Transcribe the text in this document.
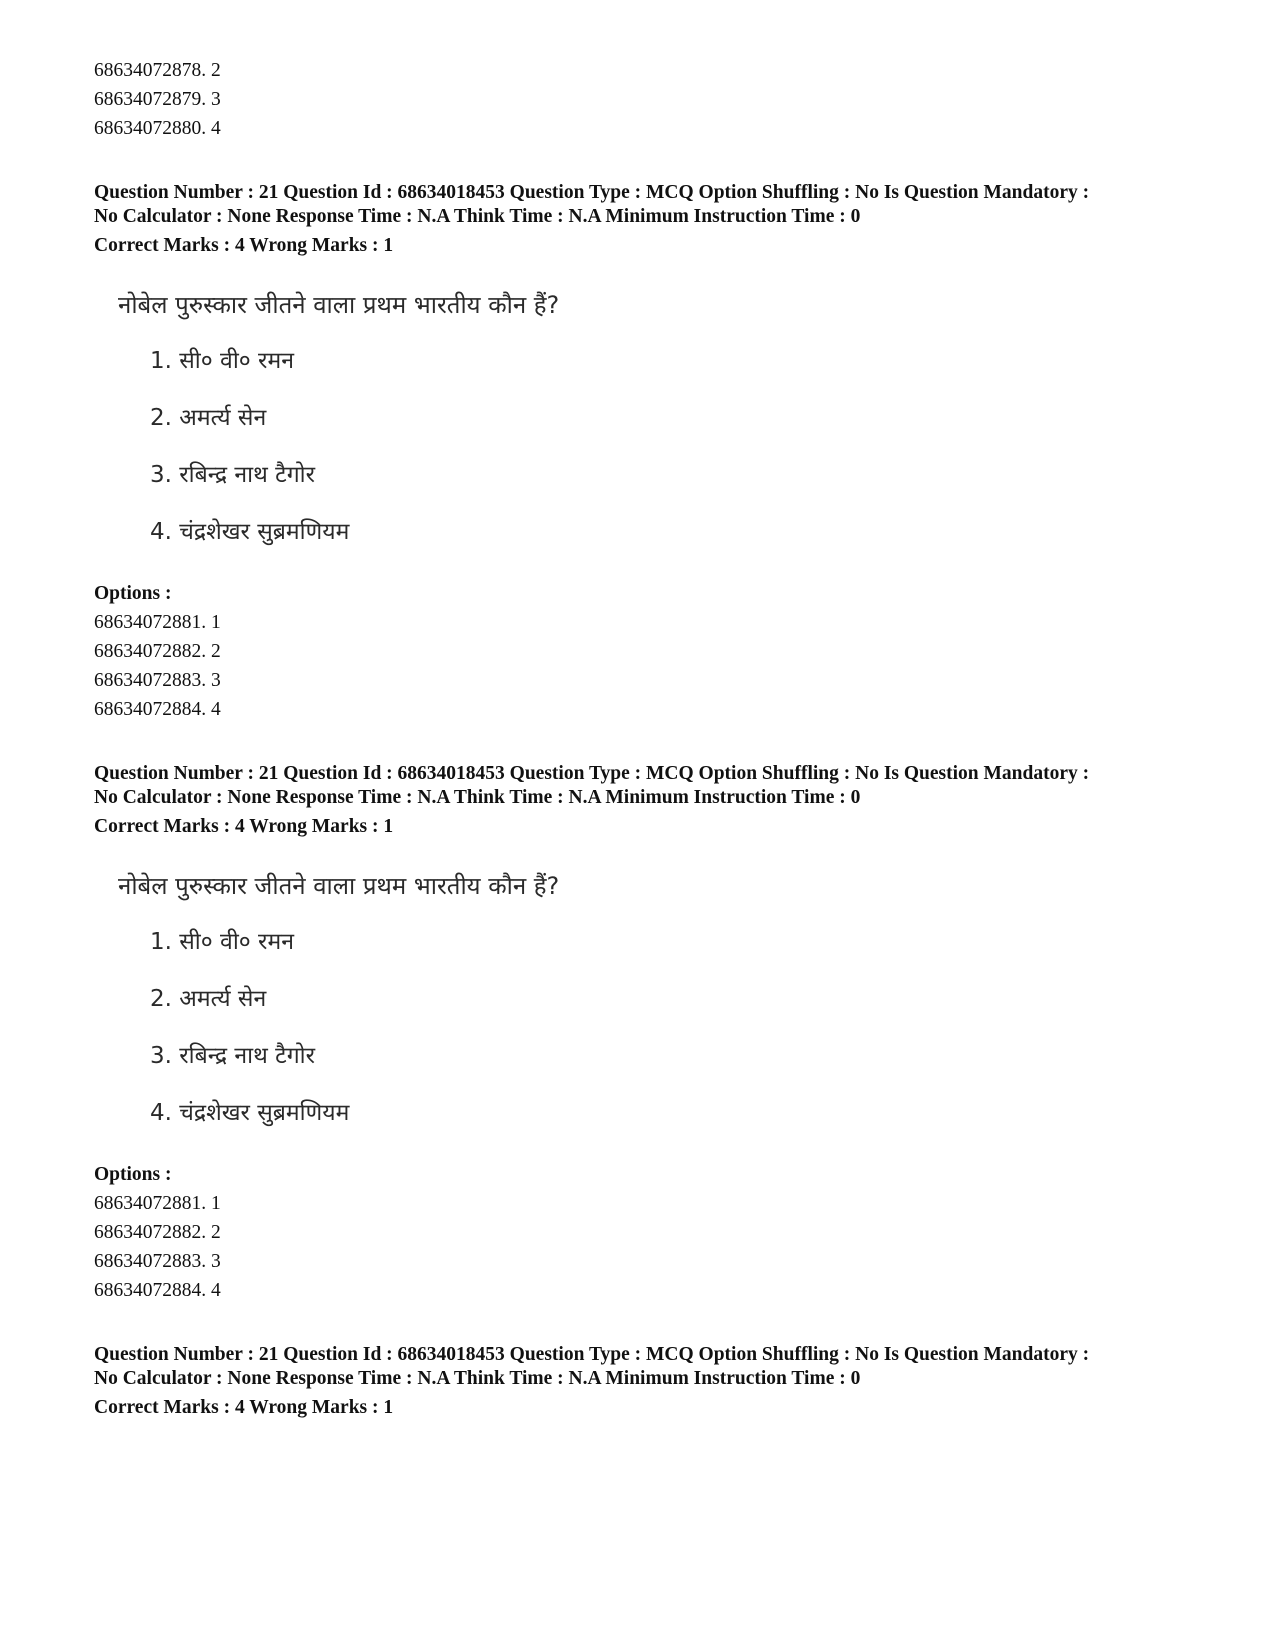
68634072878. 2
68634072879. 3
68634072880. 4
Question Number : 21 Question Id : 68634018453 Question Type : MCQ Option Shuffling : No Is Question Mandatory :
No Calculator : None Response Time : N.A Think Time : N.A Minimum Instruction Time : 0
Correct Marks : 4 Wrong Marks : 1
नोबेल पुरुस्कार जीतने वाला प्रथम भारतीय कौन हैं?
1. सी० वी० रमन
2. अमर्त्य सेन
3. रबिन्द्र नाथ टैगोर
4. चंद्रशेखर सुब्रमणियम
Options :
68634072881. 1
68634072882. 2
68634072883. 3
68634072884. 4
Question Number : 21 Question Id : 68634018453 Question Type : MCQ Option Shuffling : No Is Question Mandatory :
No Calculator : None Response Time : N.A Think Time : N.A Minimum Instruction Time : 0
Correct Marks : 4 Wrong Marks : 1
नोबेल पुरुस्कार जीतने वाला प्रथम भारतीय कौन हैं?
1. सी० वी० रमन
2. अमर्त्य सेन
3. रबिन्द्र नाथ टैगोर
4. चंद्रशेखर सुब्रमणियम
Options :
68634072881. 1
68634072882. 2
68634072883. 3
68634072884. 4
Question Number : 21 Question Id : 68634018453 Question Type : MCQ Option Shuffling : No Is Question Mandatory :
No Calculator : None Response Time : N.A Think Time : N.A Minimum Instruction Time : 0
Correct Marks : 4 Wrong Marks : 1
